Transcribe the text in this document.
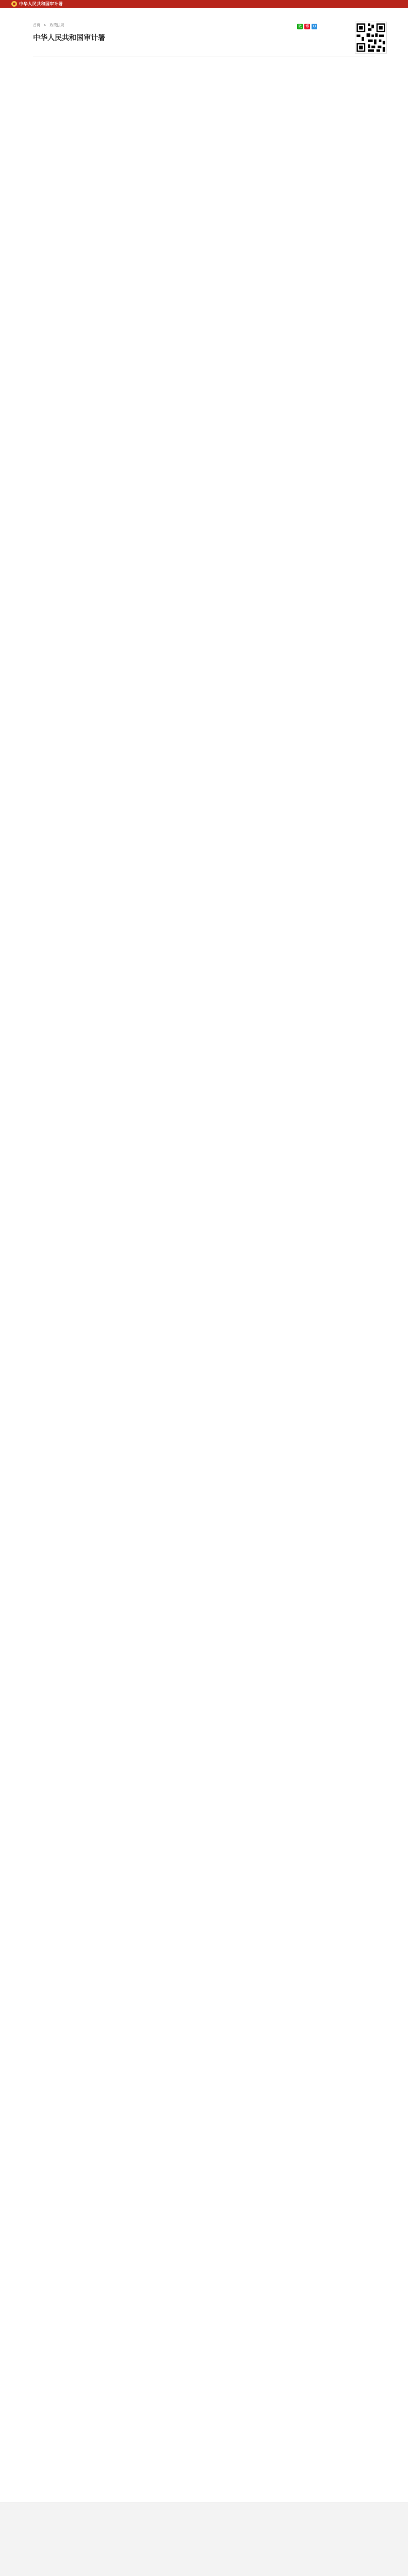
中华人民共和国审计署
首页 > 政策法规
中华人民共和国审计署
微 博	Q
